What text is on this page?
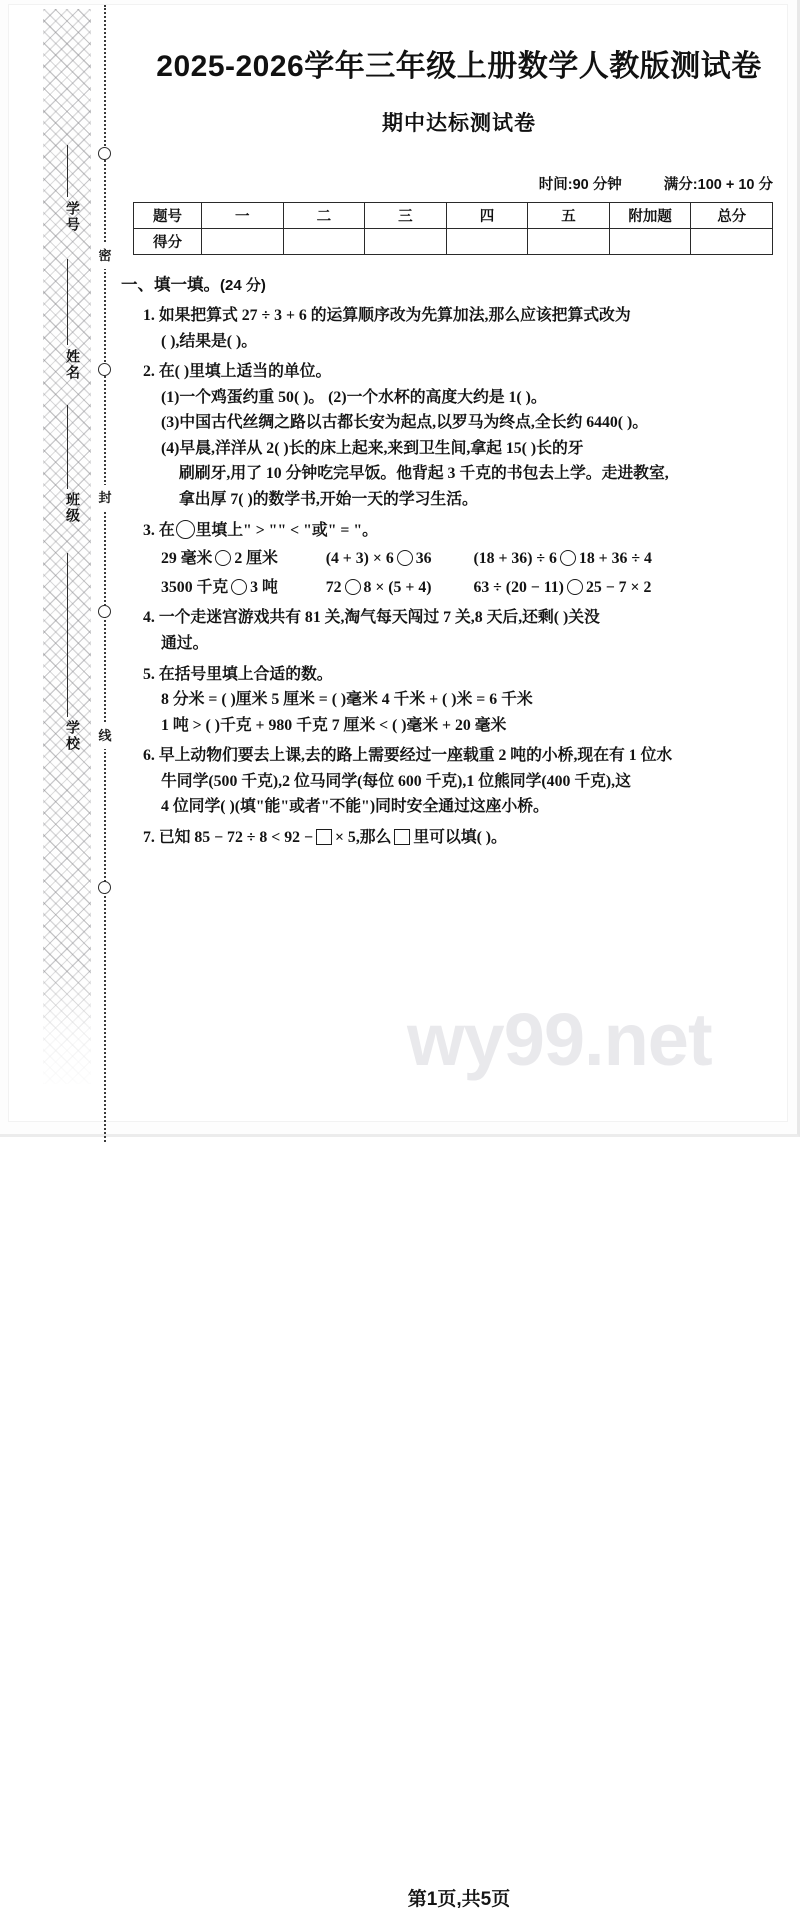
wy99.net
学号
姓名
班级
学校
密
封
线
2025-2026学年三年级上册数学人教版测试卷
期中达标测试卷
时间:90 分钟	满分:100 + 10 分
题号	一	二	三	四	五	附加题	总分
得分							
一、填一填。(24 分)
1. 如果把算式 27 ÷ 3 + 6 的运算顺序改为先算加法,那么应该把算式改为
( ),结果是( )。
2. 在( )里填上适当的单位。
(1)一个鸡蛋约重 50( )。 (2)一个水杯的高度大约是 1( )。
(3)中国古代丝绸之路以古都长安为起点,以罗马为终点,全长约 6440( )。
(4)早晨,洋洋从 2( )长的床上起来,来到卫生间,拿起 15( )长的牙
刷刷牙,用了 10 分钟吃完早饭。他背起 3 千克的书包去上学。走进教室,
拿出厚 7( )的数学书,开始一天的学习生活。
3. 在 里填上" > "" < "或" = "。
29 毫米 2 厘米	(4 + 3) × 6 36	(18 + 36) ÷ 6 18 + 36 ÷ 4
3500 千克 3 吨	72 8 × (5 + 4)	63 ÷ (20 − 11) 25 − 7 × 2
4. 一个走迷宫游戏共有 81 关,淘气每天闯过 7 关,8 天后,还剩( )关没
通过。
5. 在括号里填上合适的数。
8 分米 = ( )厘米 5 厘米 = ( )毫米 4 千米 + ( )米 = 6 千米
1 吨 > ( )千克 + 980 千克 7 厘米 < ( )毫米 + 20 毫米
6. 早上动物们要去上课,去的路上需要经过一座载重 2 吨的小桥,现在有 1 位水
牛同学(500 千克),2 位马同学(每位 600 千克),1 位熊同学(400 千克),这
4 位同学( )(填"能"或者"不能")同时安全通过这座小桥。
7. 已知 85 − 72 ÷ 8 < 92 − × 5,那么 里可以填( )。
第1页,共5页
